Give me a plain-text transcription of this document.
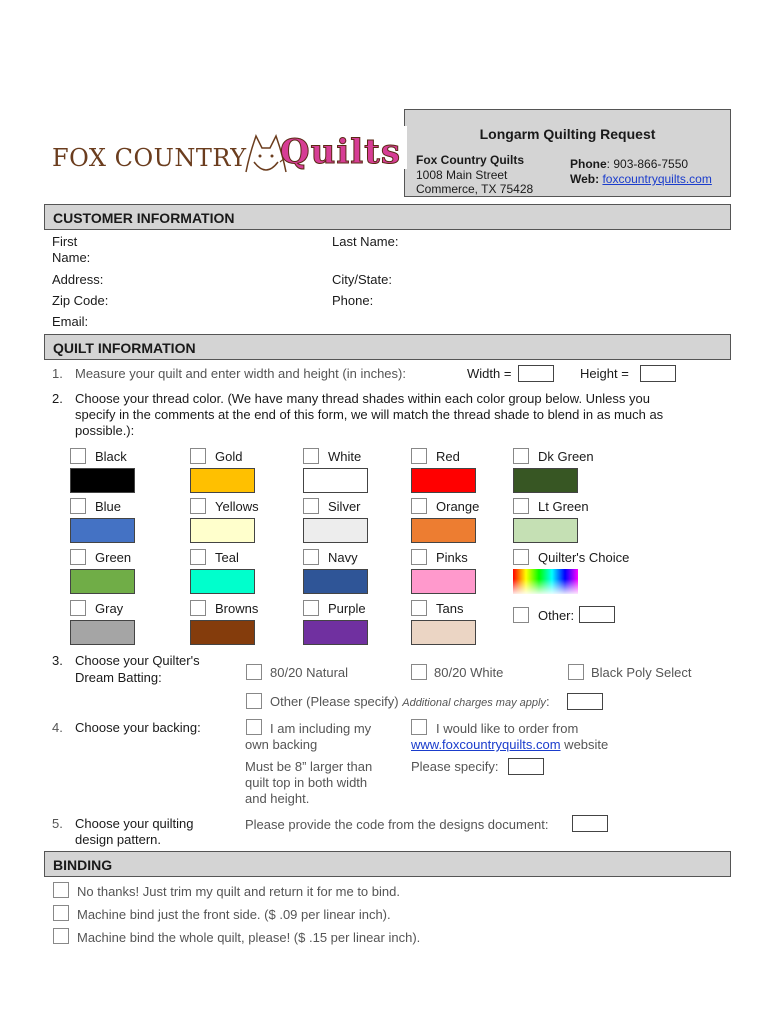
FOX COUNTRY Quilts	Longarm Quilting Request
Fox Country Quilts
1008 Main Street
Commerce, TX 75428
Phone: 903-866-7550
Web: foxcountryquilts.com
CUSTOMER INFORMATION
First
Name:
Last Name:
Address:	City/State:
Zip Code:	Phone:
Email:
QUILT INFORMATION
1. Measure your quilt and enter width and height (in inches):	Width =	Height =
2. Choose your thread color. (We have many thread shades within each color group below. Unless you
specify in the comments at the end of this form, we will match the thread shade to blend in as much as
possible.):
Black	Gold	White	Red	Dk Green
Blue	Yellows	Silver	Orange	Lt Green
Green	Teal	Navy	Pinks	Quilter's Choice
Gray	Browns	Purple	Tans	Other:
3. Choose your Quilter's
Dream Batting:	80/20 Natural	80/20 White	Black Poly Select
Other (Please specify) Additional charges may apply:
4. Choose your backing:	I am including my
own backing
Must be 8” larger than
quilt top in both width
and height.
I would like to order from
www.foxcountryquilts.com website
Please specify:
5. Choose your quilting
design pattern.
Please provide the code from the designs document:
BINDING
No thanks! Just trim my quilt and return it for me to bind.
Machine bind just the front side. ($ .09 per linear inch).
Machine bind the whole quilt, please! ($ .15 per linear inch).
